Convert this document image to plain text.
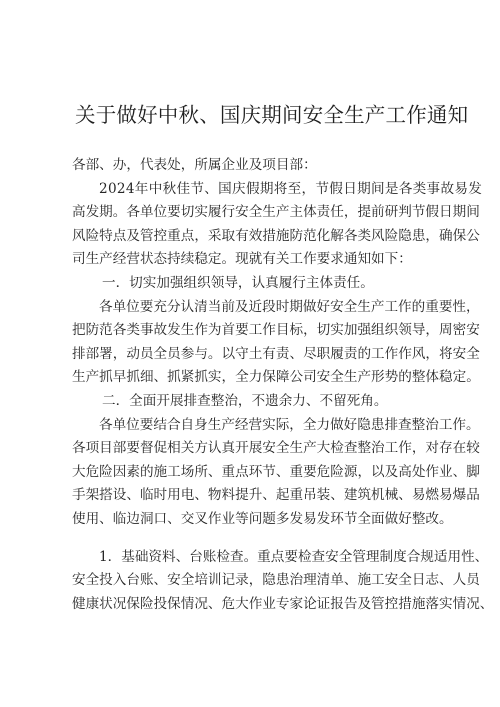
关于做好中秋、国庆期间安全生产工作通知
各部、办，代表处，所属企业及项目部：
2024年中秋佳节、国庆假期将至，节假日期间是各类事故易发
高发期。各单位要切实履行安全生产主体责任，提前研判节假日期间
风险特点及管控重点，采取有效措施防范化解各类风险隐患，确保公
司生产经营状态持续稳定。现就有关工作要求通知如下：
一．切实加强组织领导，认真履行主体责任。
各单位要充分认清当前及近段时期做好安全生产工作的重要性，
把防范各类事故发生作为首要工作目标，切实加强组织领导，周密安
排部署，动员全员参与。以守土有责、尽职履责的工作作风，将安全
生产抓早抓细、抓紧抓实，全力保障公司安全生产形势的整体稳定。
二．全面开展排查整治，不遗余力、不留死角。
各单位要结合自身生产经营实际，全力做好隐患排查整治工作。
各项目部要督促相关方认真开展安全生产大检查整治工作，对存在较
大危险因素的施工场所、重点环节、重要危险源，以及高处作业、脚
手架搭设、临时用电、物料提升、起重吊装、建筑机械、易燃易爆品
使用、临边洞口、交叉作业等问题多发易发环节全面做好整改。
1．基础资料、台账检查。重点要检查安全管理制度合规适用性、
安全投入台账、安全培训记录，隐患治理清单、施工安全日志、人员
健康状况保险投保情况、危大作业专家论证报告及管控措施落实情况、
